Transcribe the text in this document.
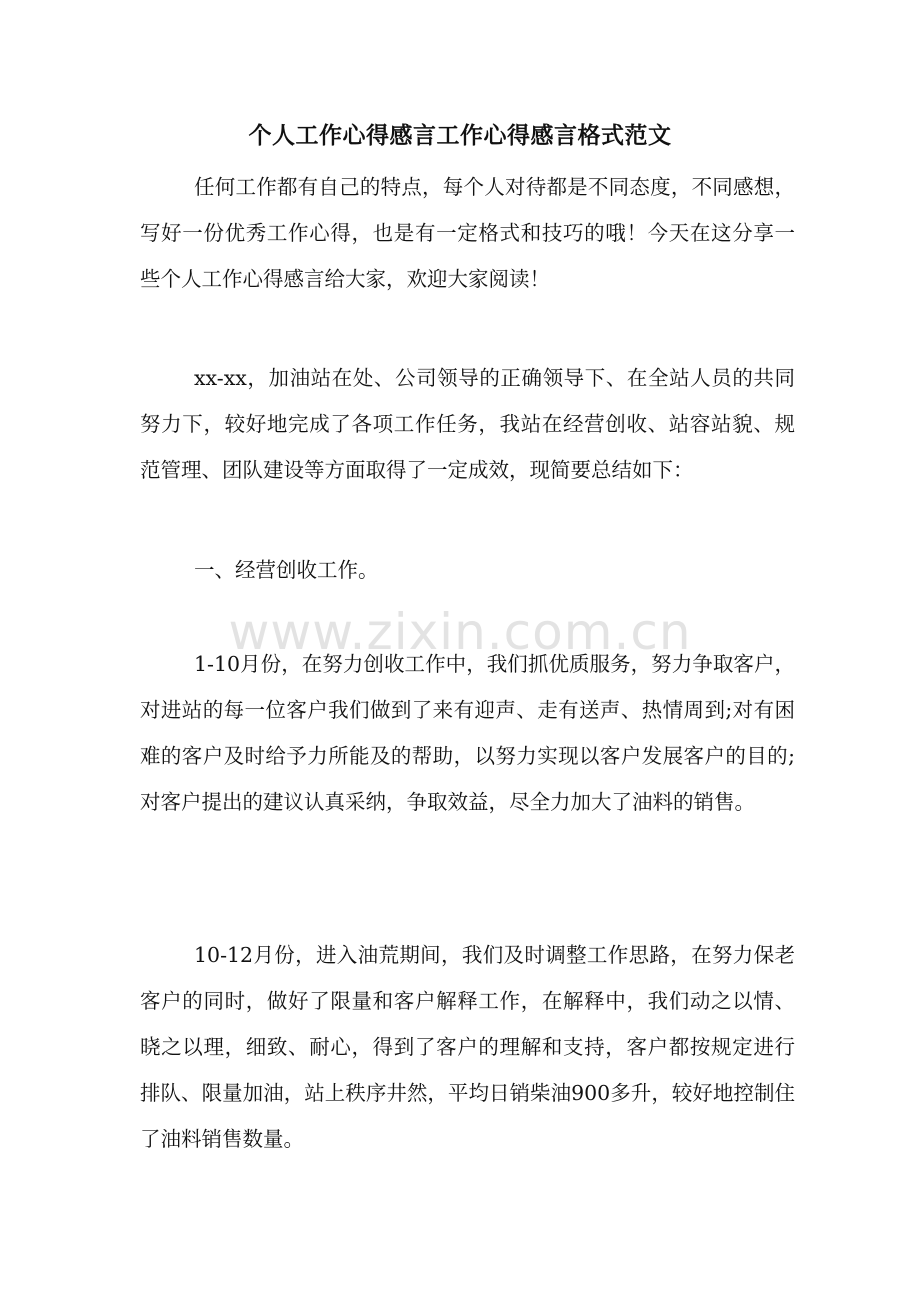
个人工作心得感言工作心得感言格式范文

任何工作都有自己的特点，每个人对待都是不同态度，不同感想，写好一份优秀工作心得，也是有一定格式和技巧的哦！今天在这分享一些个人工作心得感言给大家，欢迎大家阅读！

xx-xx，加油站在处、公司领导的正确领导下、在全站人员的共同努力下，较好地完成了各项工作任务，我站在经营创收、站容站貌、规范管理、团队建设等方面取得了一定成效，现简要总结如下：

一、经营创收工作。

1-10月份，在努力创收工作中，我们抓优质服务，努力争取客户，对进站的每一位客户我们做到了来有迎声、走有送声、热情周到;对有困难的客户及时给予力所能及的帮助，以努力实现以客户发展客户的目的;对客户提出的建议认真采纳，争取效益，尽全力加大了油料的销售。

10-12月份，进入油荒期间，我们及时调整工作思路，在努力保老客户的同时，做好了限量和客户解释工作，在解释中，我们动之以情、晓之以理，细致、耐心，得到了客户的理解和支持，客户都按规定进行排队、限量加油，站上秩序井然，平均日销柴油900多升，较好地控制住了油料销售数量。

www.zixin.com.cn
